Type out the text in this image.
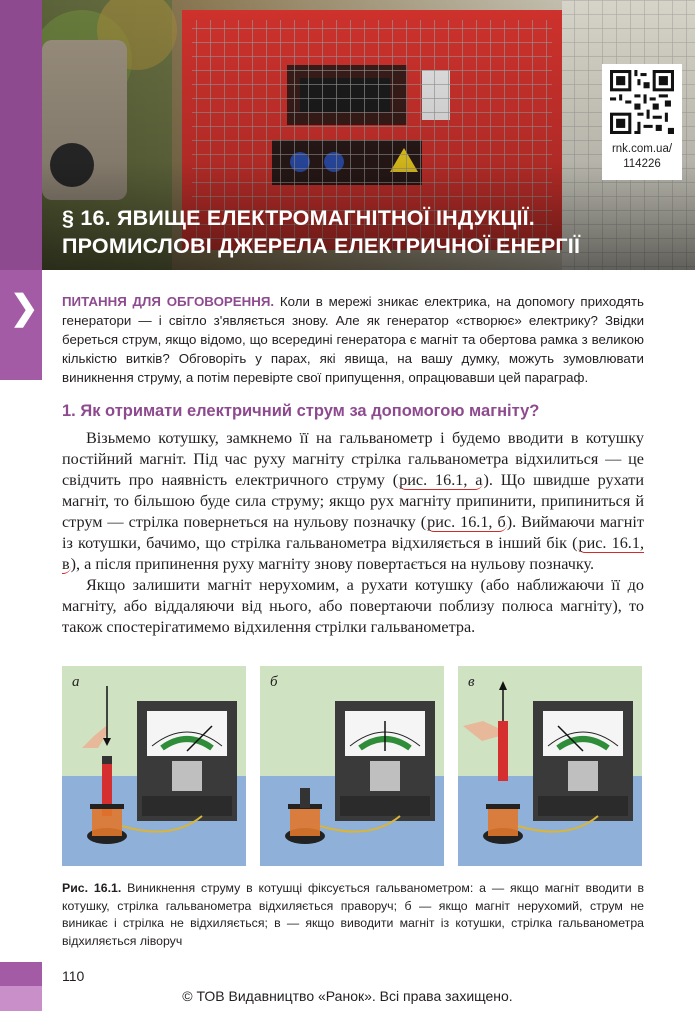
❯
rnk.com.ua/
114226
§ 16. ЯВИЩЕ ЕЛЕКТРОМАГНІТНОЇ ІНДУКЦІЇ.
ПРОМИСЛОВІ ДЖЕРЕЛА ЕЛЕКТРИЧНОЇ ЕНЕРГІЇ
ПИТАННЯ ДЛЯ ОБГОВОРЕННЯ. Коли в мережі зникає електрика, на допомогу приходять генератори — і світло з'являється знову. Але як генератор «створює» електрику? Звідки береться струм, якщо відомо, що всередині генератора є магніт та обертова рамка з великою кількістю витків? Обговоріть у парах, які явища, на вашу думку, можуть зумовлювати виникнення струму, а потім перевірте свої припущення, опрацювавши цей параграф.
1. Як отримати електричний струм за допомогою магніту?

Візьмемо котушку, замкнемо її на гальванометр і будемо вводити в котушку постійний магніт. Під час руху магніту стрілка гальванометра відхилиться — це свідчить про наявність електричного струму (рис. 16.1, а). Що швидше рухати магніт, то більшою буде сила струму; якщо рух магніту припинити, припиниться й струм — стрілка повернеться на нульову позначку (рис. 16.1, б). Виймаючи магніт із котушки, бачимо, що стрілка гальванометра відхиляється в інший бік (рис. 16.1, в), а після припинення руху магніту знову повертається на нульову позначку.

Якщо залишити магніт нерухомим, а рухати котушку (або наближаючи її до магніту, або віддаляючи від нього, або повертаючи поблизу полюса магніту), то також спостерігатимемо відхилення стрілки гальванометра.

а	б	в
Рис. 16.1. Виникнення струму в котушці фіксується гальванометром: а — якщо магніт вводити в котушку, стрілка гальванометра відхиляється праворуч; б — якщо магніт нерухомий, струм не виникає і стрілка не відхиляється; в — якщо виводити магніт із котушки, стрілка гальванометра відхиляється ліворуч
110
© ТОВ Видавництво «Ранок». Всі права захищено.
